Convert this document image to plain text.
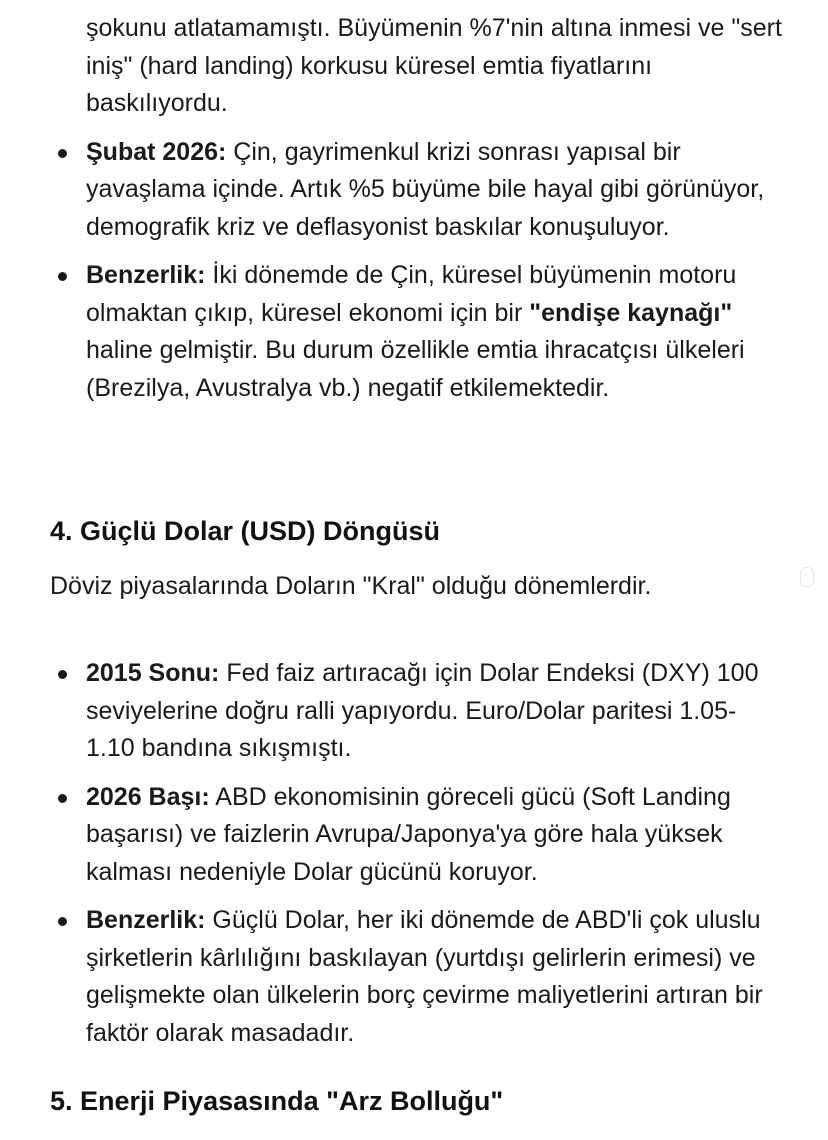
şokunu atlatamamıştı. Büyümenin %7'nin altına inmesi ve "sert iniş" (hard landing) korkusu küresel emtia fiyatlarını baskılıyordu.
Şubat 2026: Çin, gayrimenkul krizi sonrası yapısal bir yavaşlama içinde. Artık %5 büyüme bile hayal gibi görünüyor, demografik kriz ve deflasyonist baskılar konuşuluyor.
Benzerlik: İki dönemde de Çin, küresel büyümenin motoru olmaktan çıkıp, küresel ekonomi için bir "endişe kaynağı" haline gelmiştir. Bu durum özellikle emtia ihracatçısı ülkeleri (Brezilya, Avustralya vb.) negatif etkilemektedir.
4. Güçlü Dolar (USD) Döngüsü

Döviz piyasalarında Doların "Kral" olduğu dönemlerdir.

2015 Sonu: Fed faiz artıracağı için Dolar Endeksi (DXY) 100 seviyelerine doğru ralli yapıyordu. Euro/Dolar paritesi 1.05-1.10 bandına sıkışmıştı.
2026 Başı: ABD ekonomisinin göreceli gücü (Soft Landing başarısı) ve faizlerin Avrupa/Japonya'ya göre hala yüksek kalması nedeniyle Dolar gücünü koruyor.
Benzerlik: Güçlü Dolar, her iki dönemde de ABD'li çok uluslu şirketlerin kârlılığını baskılayan (yurtdışı gelirlerin erimesi) ve gelişmekte olan ülkelerin borç çevirme maliyetlerini artıran bir faktör olarak masadadır.
5. Enerji Piyasasında "Arz Bolluğu"
